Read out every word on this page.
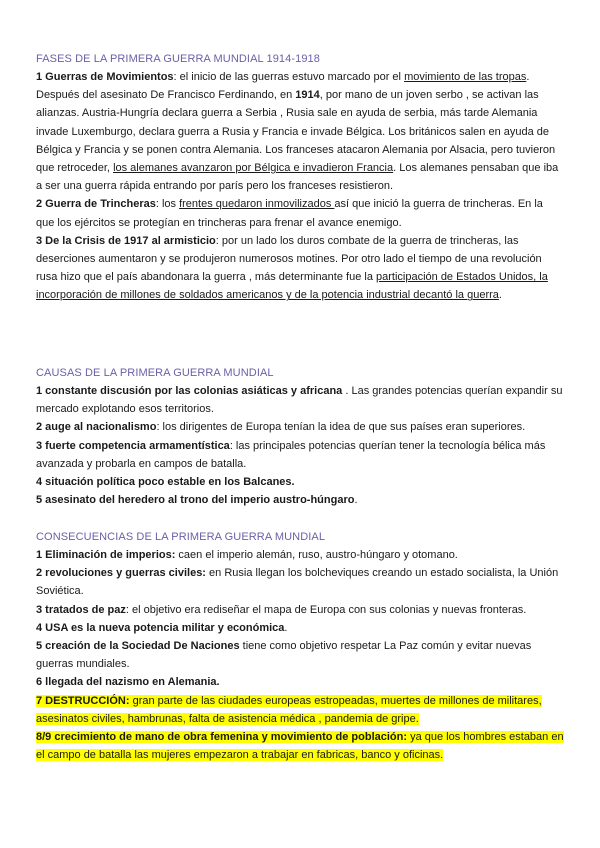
FASES DE LA PRIMERA GUERRA MUNDIAL 1914-1918

1 Guerras de Movimientos: el inicio de las guerras estuvo marcado por el movimiento de las tropas. Después del asesinato De Francisco Ferdinando, en 1914, por mano de un joven serbo , se activan las alianzas. Austria-Hungría declara guerra a Serbia , Rusia sale en ayuda de serbia, más tarde Alemania invade Luxemburgo, declara guerra a Rusia y Francia e invade Bélgica. Los británicos salen en ayuda de Bélgica y Francia y se ponen contra Alemania. Los franceses atacaron Alemania por Alsacia, pero tuvieron que retroceder, los alemanes avanzaron por Bélgica e invadieron Francia. Los alemanes pensaban que iba a ser una guerra rápida entrando por parís pero los franceses resistieron.

2 Guerra de Trincheras: los frentes quedaron inmovilizados así que inició la guerra de trincheras. En la que los ejércitos se protegían en trincheras para frenar el avance enemigo.

3 De la Crisis de 1917 al armisticio: por un lado los duros combate de la guerra de trincheras, las deserciones aumentaron y se produjeron numerosos motines. Por otro lado el tiempo de una revolución rusa hizo que el país abandonara la guerra , más determinante fue la participación de Estados Unidos, la incorporación de millones de soldados americanos y de la potencia industrial decantó la guerra.

CAUSAS DE LA PRIMERA GUERRA MUNDIAL

1 constante discusión por las colonias asiáticas y africana . Las grandes potencias querían expandir su mercado explotando esos territorios.

2 auge al nacionalismo: los dirigentes de Europa tenían la idea de que sus países eran superiores.

3 fuerte competencia armamentística: las principales potencias querían tener la tecnología bélica más avanzada y probarla en campos de batalla.

4 situación política poco estable en los Balcanes.

5 asesinato del heredero al trono del imperio austro-húngaro.

CONSECUENCIAS DE LA PRIMERA GUERRA MUNDIAL

1 Eliminación de imperios: caen el imperio alemán, ruso, austro-húngaro y otomano.

2 revoluciones y guerras civiles: en Rusia llegan los bolcheviques creando un estado socialista, la Unión Soviética.

3 tratados de paz: el objetivo era rediseñar el mapa de Europa con sus colonias y nuevas fronteras.

4 USA es la nueva potencia militar y económica.

5 creación de la Sociedad De Naciones tiene como objetivo respetar La Paz común y evitar nuevas guerras mundiales.

6 llegada del nazismo en Alemania.

7 DESTRUCCIÓN: gran parte de las ciudades europeas estropeadas, muertes de millones de militares, asesinatos civiles, hambrunas, falta de asistencia médica , pandemia de gripe.

8/9 crecimiento de mano de obra femenina y movimiento de población: ya que los hombres estaban en el campo de batalla las mujeres empezaron a trabajar en fabricas, banco y oficinas.
